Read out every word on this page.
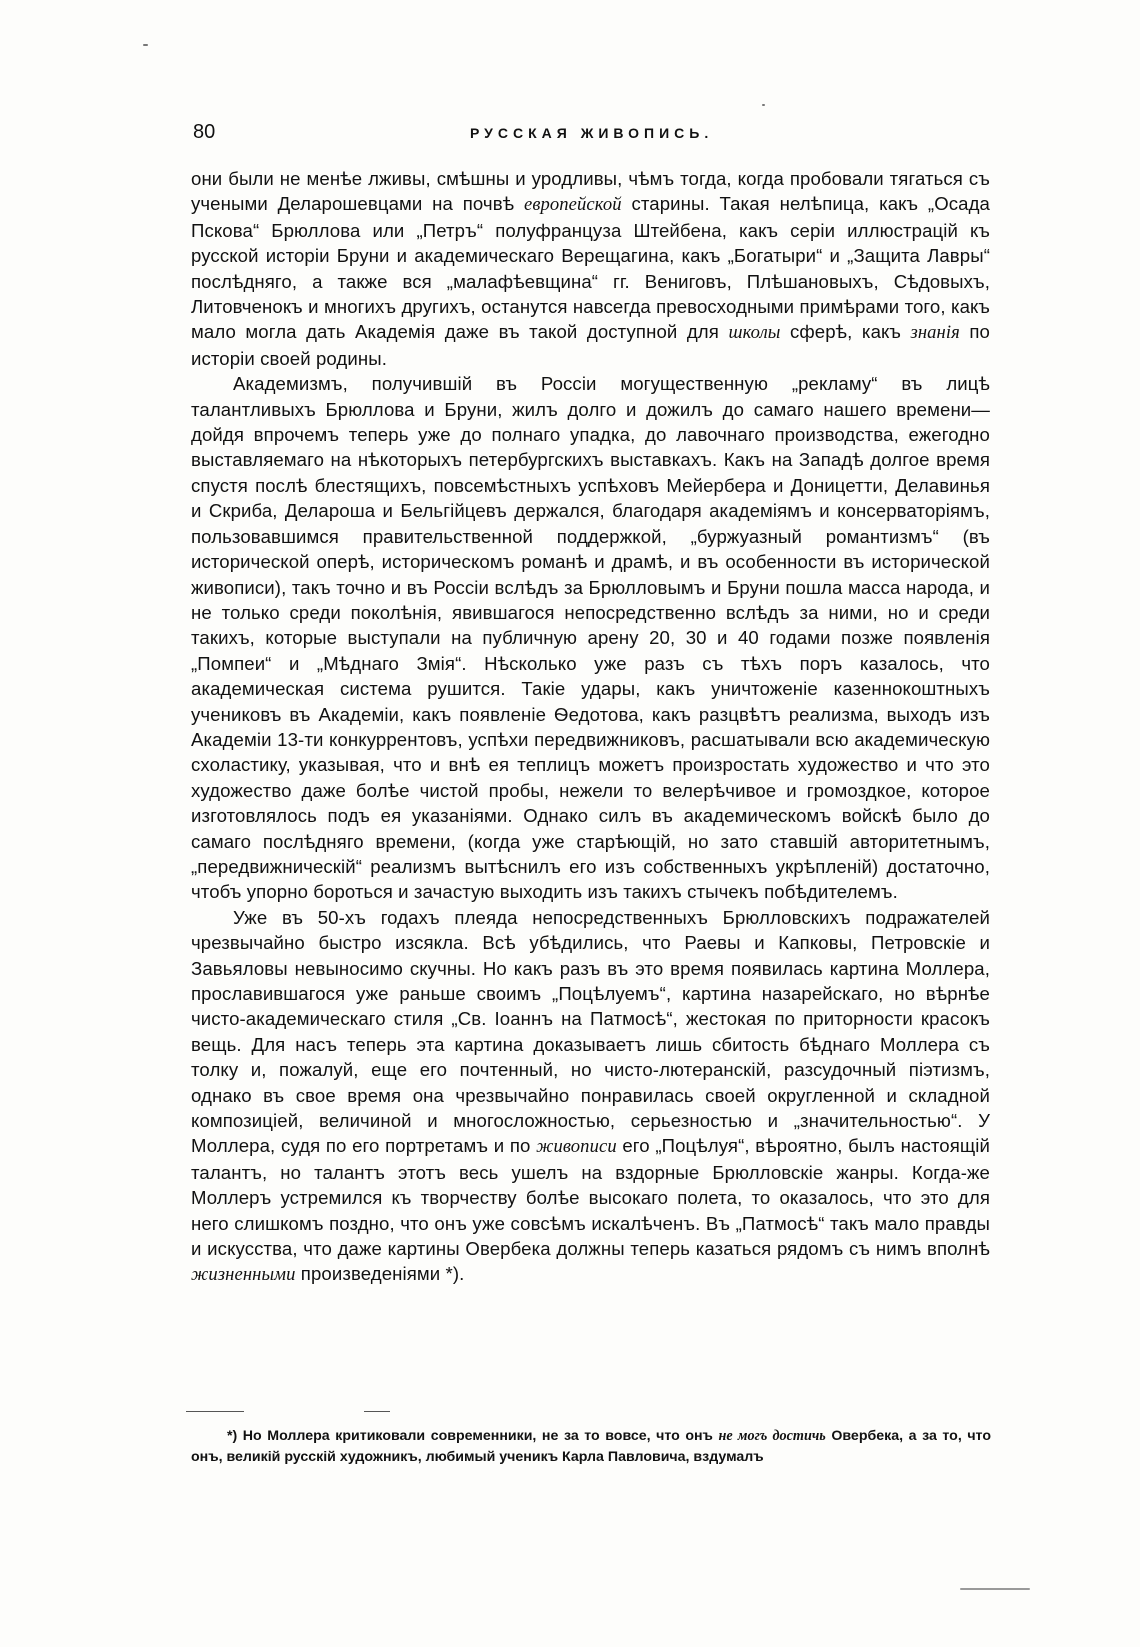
80	РУССКАЯ ЖИВОПИСЬ.

они были не менѣе лживы, смѣшны и уродливы, чѣмъ тогда, когда пробовали тягаться съ учеными Деларошевцами на почвѣ европейской старины. Такая нелѣпица, какъ „Осада Пскова“ Брюллова или „Петръ“ полуфранцуза Штейбена, какъ серіи иллюстрацій къ русской исторіи Бруни и академическаго Верещагина, какъ „Богатыри“ и „Защита Лавры“ послѣдняго, а также вся „малафѣевщина“ гг. Вениговъ, Плѣшановыхъ, Сѣдовыхъ, Литовченокъ и многихъ другихъ, останутся навсегда превосходными примѣрами того, какъ мало могла дать Академія даже въ такой доступной для школы сферѣ, какъ знанія по исторіи своей родины.

Академизмъ, получившій въ Россіи могущественную „рекламу“ въ лицѣ талантливыхъ Брюллова и Бруни, жилъ долго и дожилъ до самаго нашего времени—дойдя впрочемъ теперь уже до полнаго упадка, до лавочнаго производства, ежегодно выставляемаго на нѣкоторыхъ петербургскихъ выставкахъ. Какъ на Западѣ долгое время спустя послѣ блестящихъ, повсемѣстныхъ успѣховъ Мейербера и Доницетти, Делавинья и Скриба, Делароша и Бельгійцевъ держался, благодаря академіямъ и консерваторіямъ, пользовавшимся правительственной поддержкой, „буржуазный романтизмъ“ (въ исторической оперѣ, историческомъ романѣ и драмѣ, и въ особенности въ исторической живописи), такъ точно и въ Россіи вслѣдъ за Брюлловымъ и Бруни пошла масса народа, и не только среди поколѣнія, явившагося непосредственно вслѣдъ за ними, но и среди такихъ, которые выступали на публичную арену 20, 30 и 40 годами позже появленія „Помпеи“ и „Мѣднаго Змія“. Нѣсколько уже разъ съ тѣхъ поръ казалось, что академическая система рушится. Такіе удары, какъ уничтоженіе казеннокоштныхъ учениковъ въ Академіи, какъ появленіе Ѳедотова, какъ разцвѣтъ реализма, выходъ изъ Академіи 13-ти конкуррентовъ, успѣхи передвижниковъ, расшатывали всю академическую схоластику, указывая, что и внѣ ея теплицъ можетъ произростать художество и что это художество даже болѣе чистой пробы, нежели то велерѣчивое и громоздкое, которое изготовлялось подъ ея указаніями. Однако силъ въ академическомъ войскѣ было до самаго послѣдняго времени, (когда уже старѣющій, но зато ставшій авторитетнымъ, „передвижническій“ реализмъ вытѣснилъ его изъ собственныхъ укрѣпленій) достаточно, чтобъ упорно бороться и зачастую выходить изъ такихъ стычекъ побѣдителемъ.

Уже въ 50-хъ годахъ плеяда непосредственныхъ Брюлловскихъ подражателей чрезвычайно быстро изсякла. Всѣ убѣдились, что Раевы и Капковы, Петровскіе и Завьяловы невыносимо скучны. Но какъ разъ въ это время появилась картина Моллера, прославившагося уже раньше своимъ „Поцѣлуемъ“, картина назарейскаго, но вѣрнѣе чисто-академическаго стиля „Св. Іоаннъ на Патмосѣ“, жестокая по приторности красокъ вещь. Для насъ теперь эта картина доказываетъ лишь сбитость бѣднаго Моллера съ толку и, пожалуй, еще его почтенный, но чисто-лютеранскій, разсудочный піэтизмъ, однако въ свое время она чрезвычайно понравилась своей округленной и складной композиціей, величиной и многосложностью, серьезностью и „значительностью“. У Моллера, судя по его портретамъ и по живописи его „Поцѣлуя“, вѣроятно, былъ настоящій талантъ, но талантъ этотъ весь ушелъ на вздорные Брюлловскіе жанры. Когда-же Моллеръ устремился къ творчеству болѣе высокаго полета, то оказалось, что это для него слишкомъ поздно, что онъ уже совсѣмъ искалѣченъ. Въ „Патмосѣ“ такъ мало правды и искусства, что даже картины Овербека должны теперь казаться рядомъ съ нимъ вполнѣ жизненными произведеніями *).

*) Но Моллера критиковали современники, не за то вовсе, что онъ не могъ достичь Овербека, а за то, что онъ, великій русскій художникъ, любимый ученикъ Карла Павловича, вздумалъ
